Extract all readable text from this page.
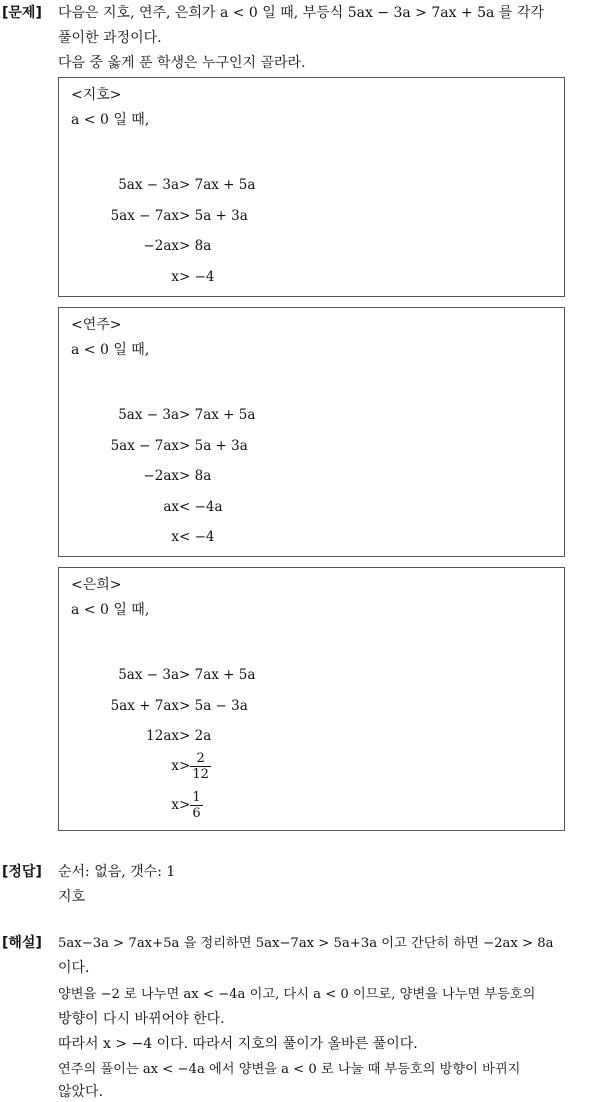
[문제] 다음은 지호, 연주, 은희가 a < 0 일 때, 부등식 5ax − 3a > 7ax + 5a 를 각각
풀이한 과정이다.
다음 중 옳게 푼 학생은 누구인지 골라라.
<지호>
a < 0 일 때,
5ax − 3a> 7ax + 5a
5ax − 7ax> 5a + 3a
−2ax> 8a
x> −4
<연주>
a < 0 일 때,
5ax − 3a> 7ax + 5a
5ax − 7ax> 5a + 3a
−2ax> 8a
ax< −4a
x< −4
<은희>
a < 0 일 때,
5ax − 3a> 7ax + 5a
5ax + 7ax> 5a − 3a
12ax> 2a
$x> \frac{2}{12}$
$x> \frac{1}{6}$
[정답] 순서: 없음, 갯수: 1
지호
[해설] 5ax−3a > 7ax+5a 을 정리하면 5ax−7ax > 5a+3a 이고 간단히 하면 −2ax > 8a
이다.
양변을 −2 로 나누면 ax < −4a 이고, 다시 a < 0 이므로, 양변을 나누면 부등호의
방향이 다시 바뀌어야 한다.
따라서 x > −4 이다. 따라서 지호의 풀이가 올바른 풀이다.
연주의 풀이는 ax < −4a 에서 양변을 a < 0 로 나눌 때 부등호의 방향이 바뀌지
않았다.
